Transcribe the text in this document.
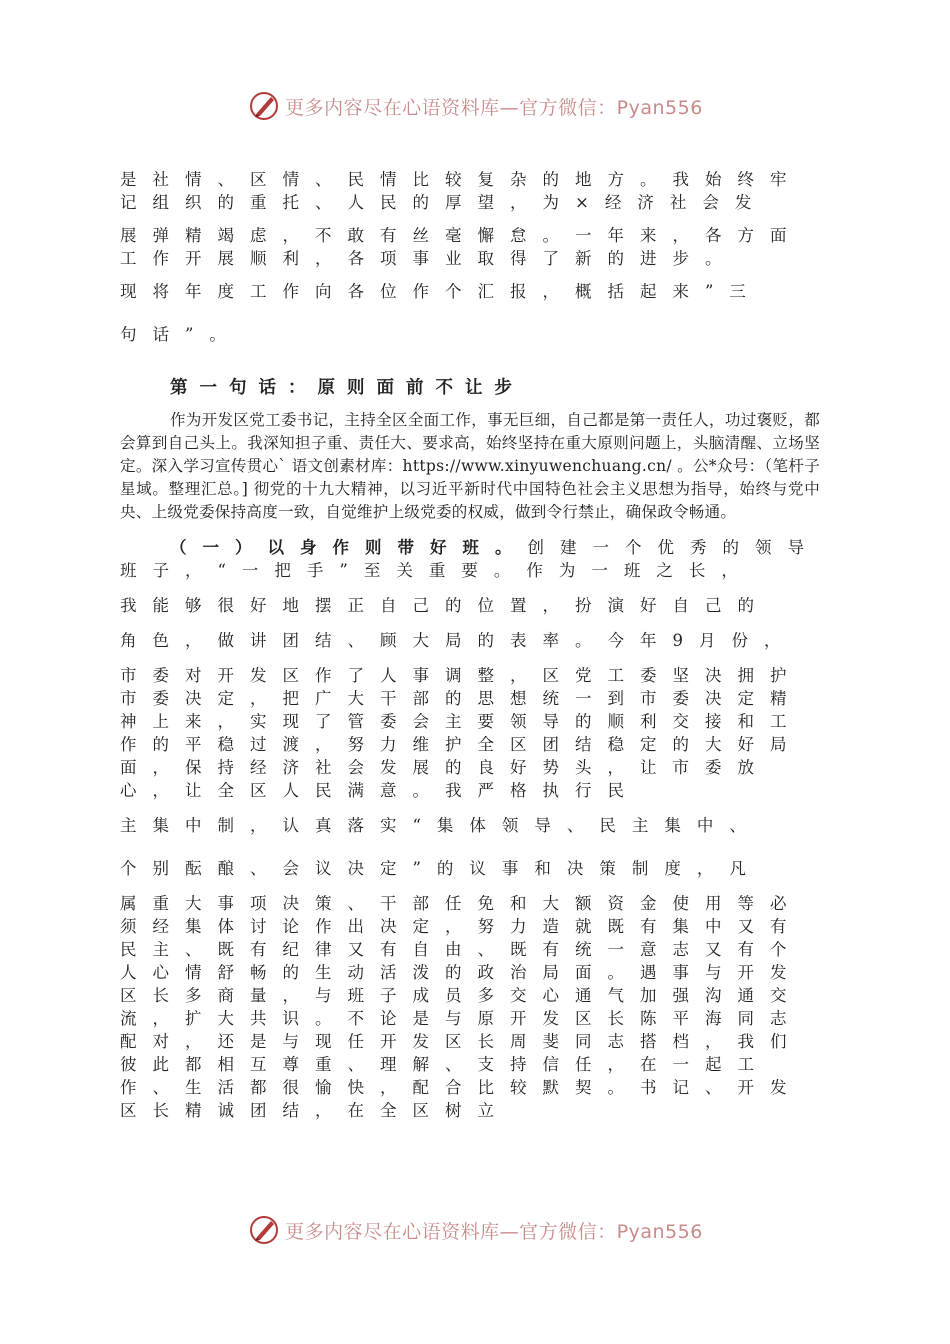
更多内容尽在心语资料库—官方微信：Pyan556

是社情、区情、民情比较复杂的地方。我始终牢记组织的重托、人民的厚望，为×经济社会发

展弹精竭虑，不敢有丝毫懈怠。一年来，各方面工作开展顺利，各项事业取得了新的进步。

现将年度工作向各位作个汇报，概括起来”三

句话”。

第一句话：原则面前不让步

作为开发区党工委书记，主持全区全面工作，事无巨细，自己都是第一责任人，功过褒贬，都会算到自己头上。我深知担子重、责任大、要求高，始终坚持在重大原则问题上，头脑清醒、立场坚定。深入学习宣传贯心` 语文创素材库：https://www.xinyuwenchuang.cn/ 。公*众号：（笔杆子星域。整理汇总。] 彻党的十九大精神，以习近平新时代中国特色社会主义思想为指导，始终与党中央、上级党委保持高度一致，自觉维护上级党委的权威，做到令行禁止，确保政令畅通。

（一）以身作则带好班。创建一个优秀的领导班子，“一把手”至关重要。作为一班之长，

我能够很好地摆正自己的位置，扮演好自己的

角色，做讲团结、顾大局的表率。今年9月份，

市委对开发区作了人事调整，区党工委坚决拥护市委决定，把广大干部的思想统一到市委决定精神上来，实现了管委会主要领导的顺利交接和工作的平稳过渡，努力维护全区团结稳定的大好局面，保持经济社会发展的良好势头，让市委放心，让全区人民满意。我严格执行民

主集中制，认真落实“集体领导、民主集中、

个别酝酿、会议决定”的议事和决策制度，凡

属重大事项决策、干部任免和大额资金使用等必须经集体讨论作出决定，努力造就既有集中又有民主、既有纪律又有自由、既有统一意志又有个人心情舒畅的生动活泼的政治局面。遇事与开发区长多商量，与班子成员多交心通气加强沟通交流，扩大共识。不论是与原开发区长陈平海同志配对，还是与现任开发区长周斐同志搭档，我们彼此都相互尊重、理解、支持信任，在一起工作、生活都很愉快，配合比较默契。书记、开发区长精诚团结，在全区树立

更多内容尽在心语资料库—官方微信：Pyan556
